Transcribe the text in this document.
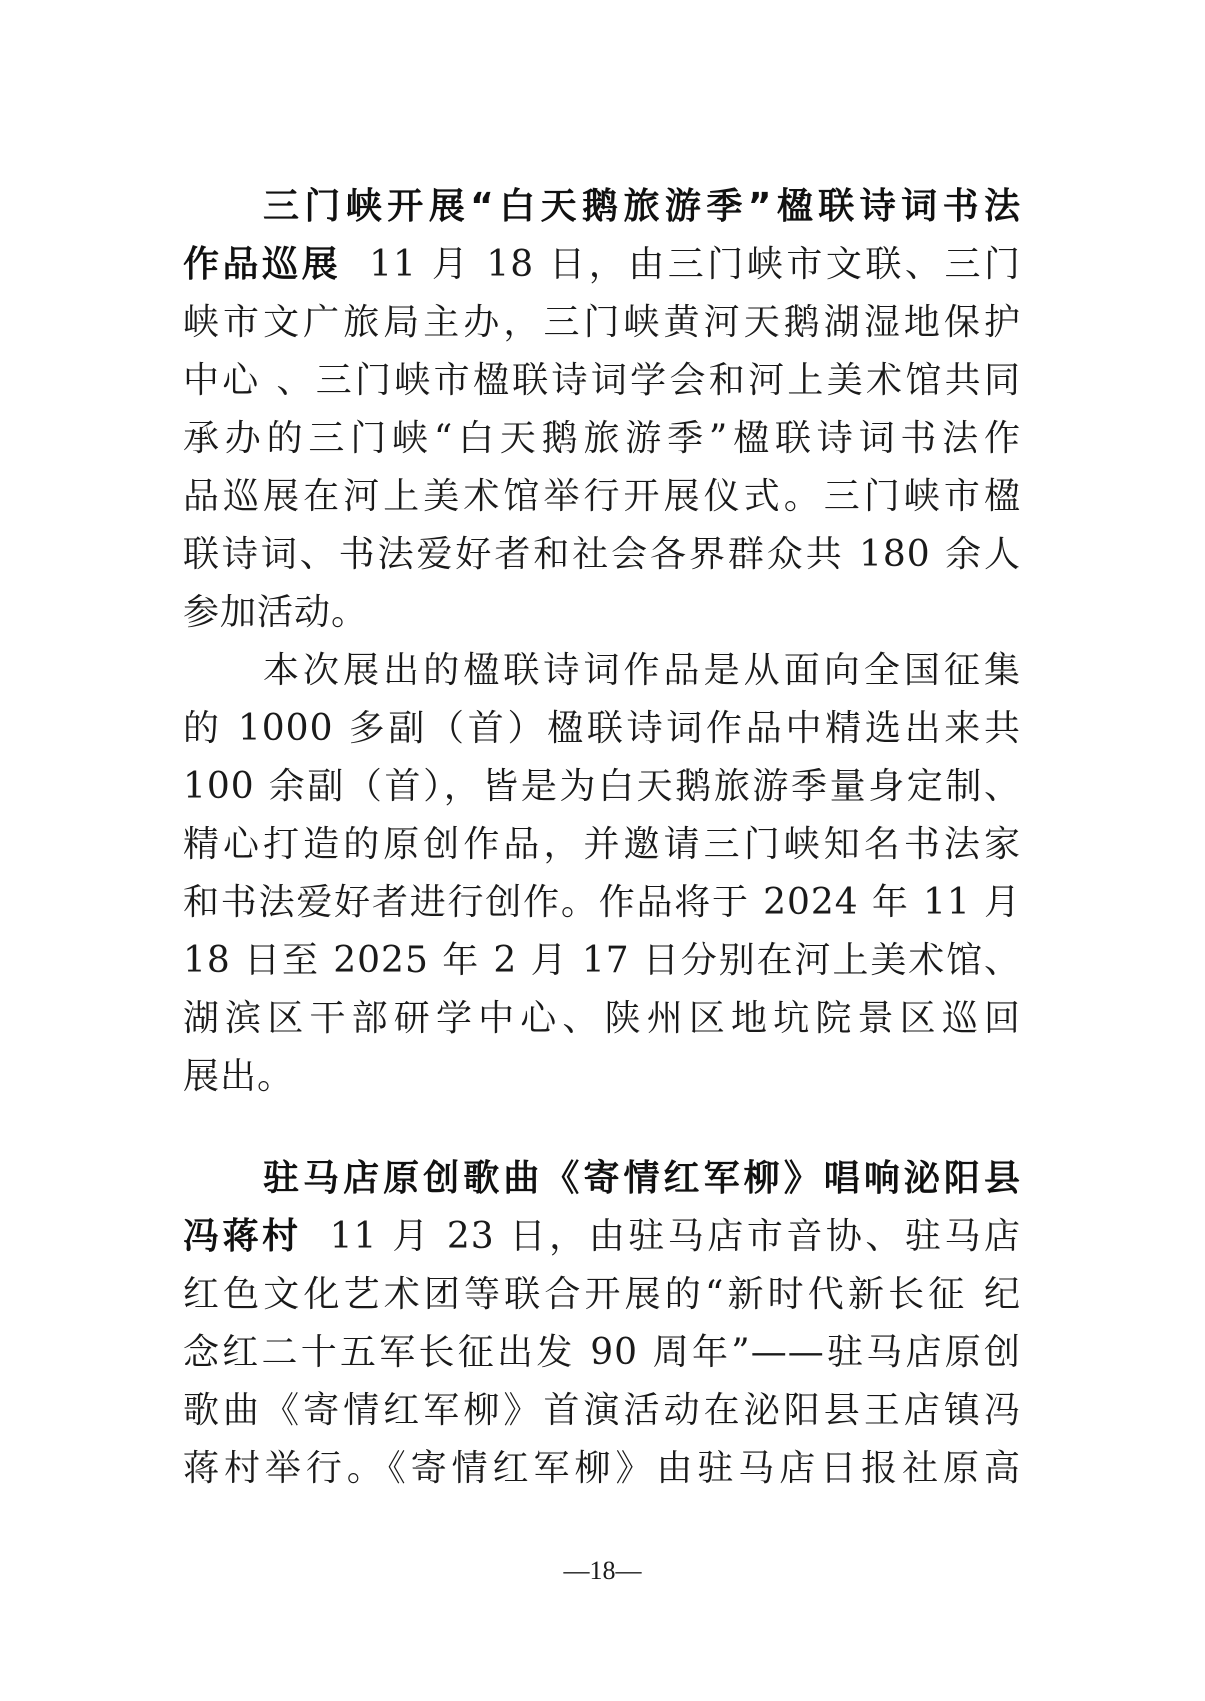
三门峡开展“白天鹅旅游季”楹联诗词书法
作品巡展 11 月 18 日，由三门峡市文联、三门
峡市文广旅局主办，三门峡黄河天鹅湖湿地保护
中心 、三门峡市楹联诗词学会和河上美术馆共同
承办的三门峡“白天鹅旅游季”楹联诗词书法作
品巡展在河上美术馆举行开展仪式。三门峡市楹
联诗词、书法爱好者和社会各界群众共 180 余人
参加活动。
本次展出的楹联诗词作品是从面向全国征集
的 1000 多副（首）楹联诗词作品中精选出来共
100 余副（首），皆是为白天鹅旅游季量身定制、
精心打造的原创作品，并邀请三门峡知名书法家
和书法爱好者进行创作。作品将于 2024 年 11 月
18 日至 2025 年 2 月 17 日分别在河上美术馆、
湖滨区干部研学中心、陕州区地坑院景区巡回
展出。
驻马店原创歌曲《寄情红军柳》唱响泌阳县
冯蒋村 11 月 23 日，由驻马店市音协、驻马店
红色文化艺术团等联合开展的“新时代新长征 纪
念红二十五军长征出发 90 周年”——驻马店原创
歌曲《寄情红军柳》首演活动在泌阳县王店镇冯
蒋村举行。《寄情红军柳》由驻马店日报社原高
—18—
